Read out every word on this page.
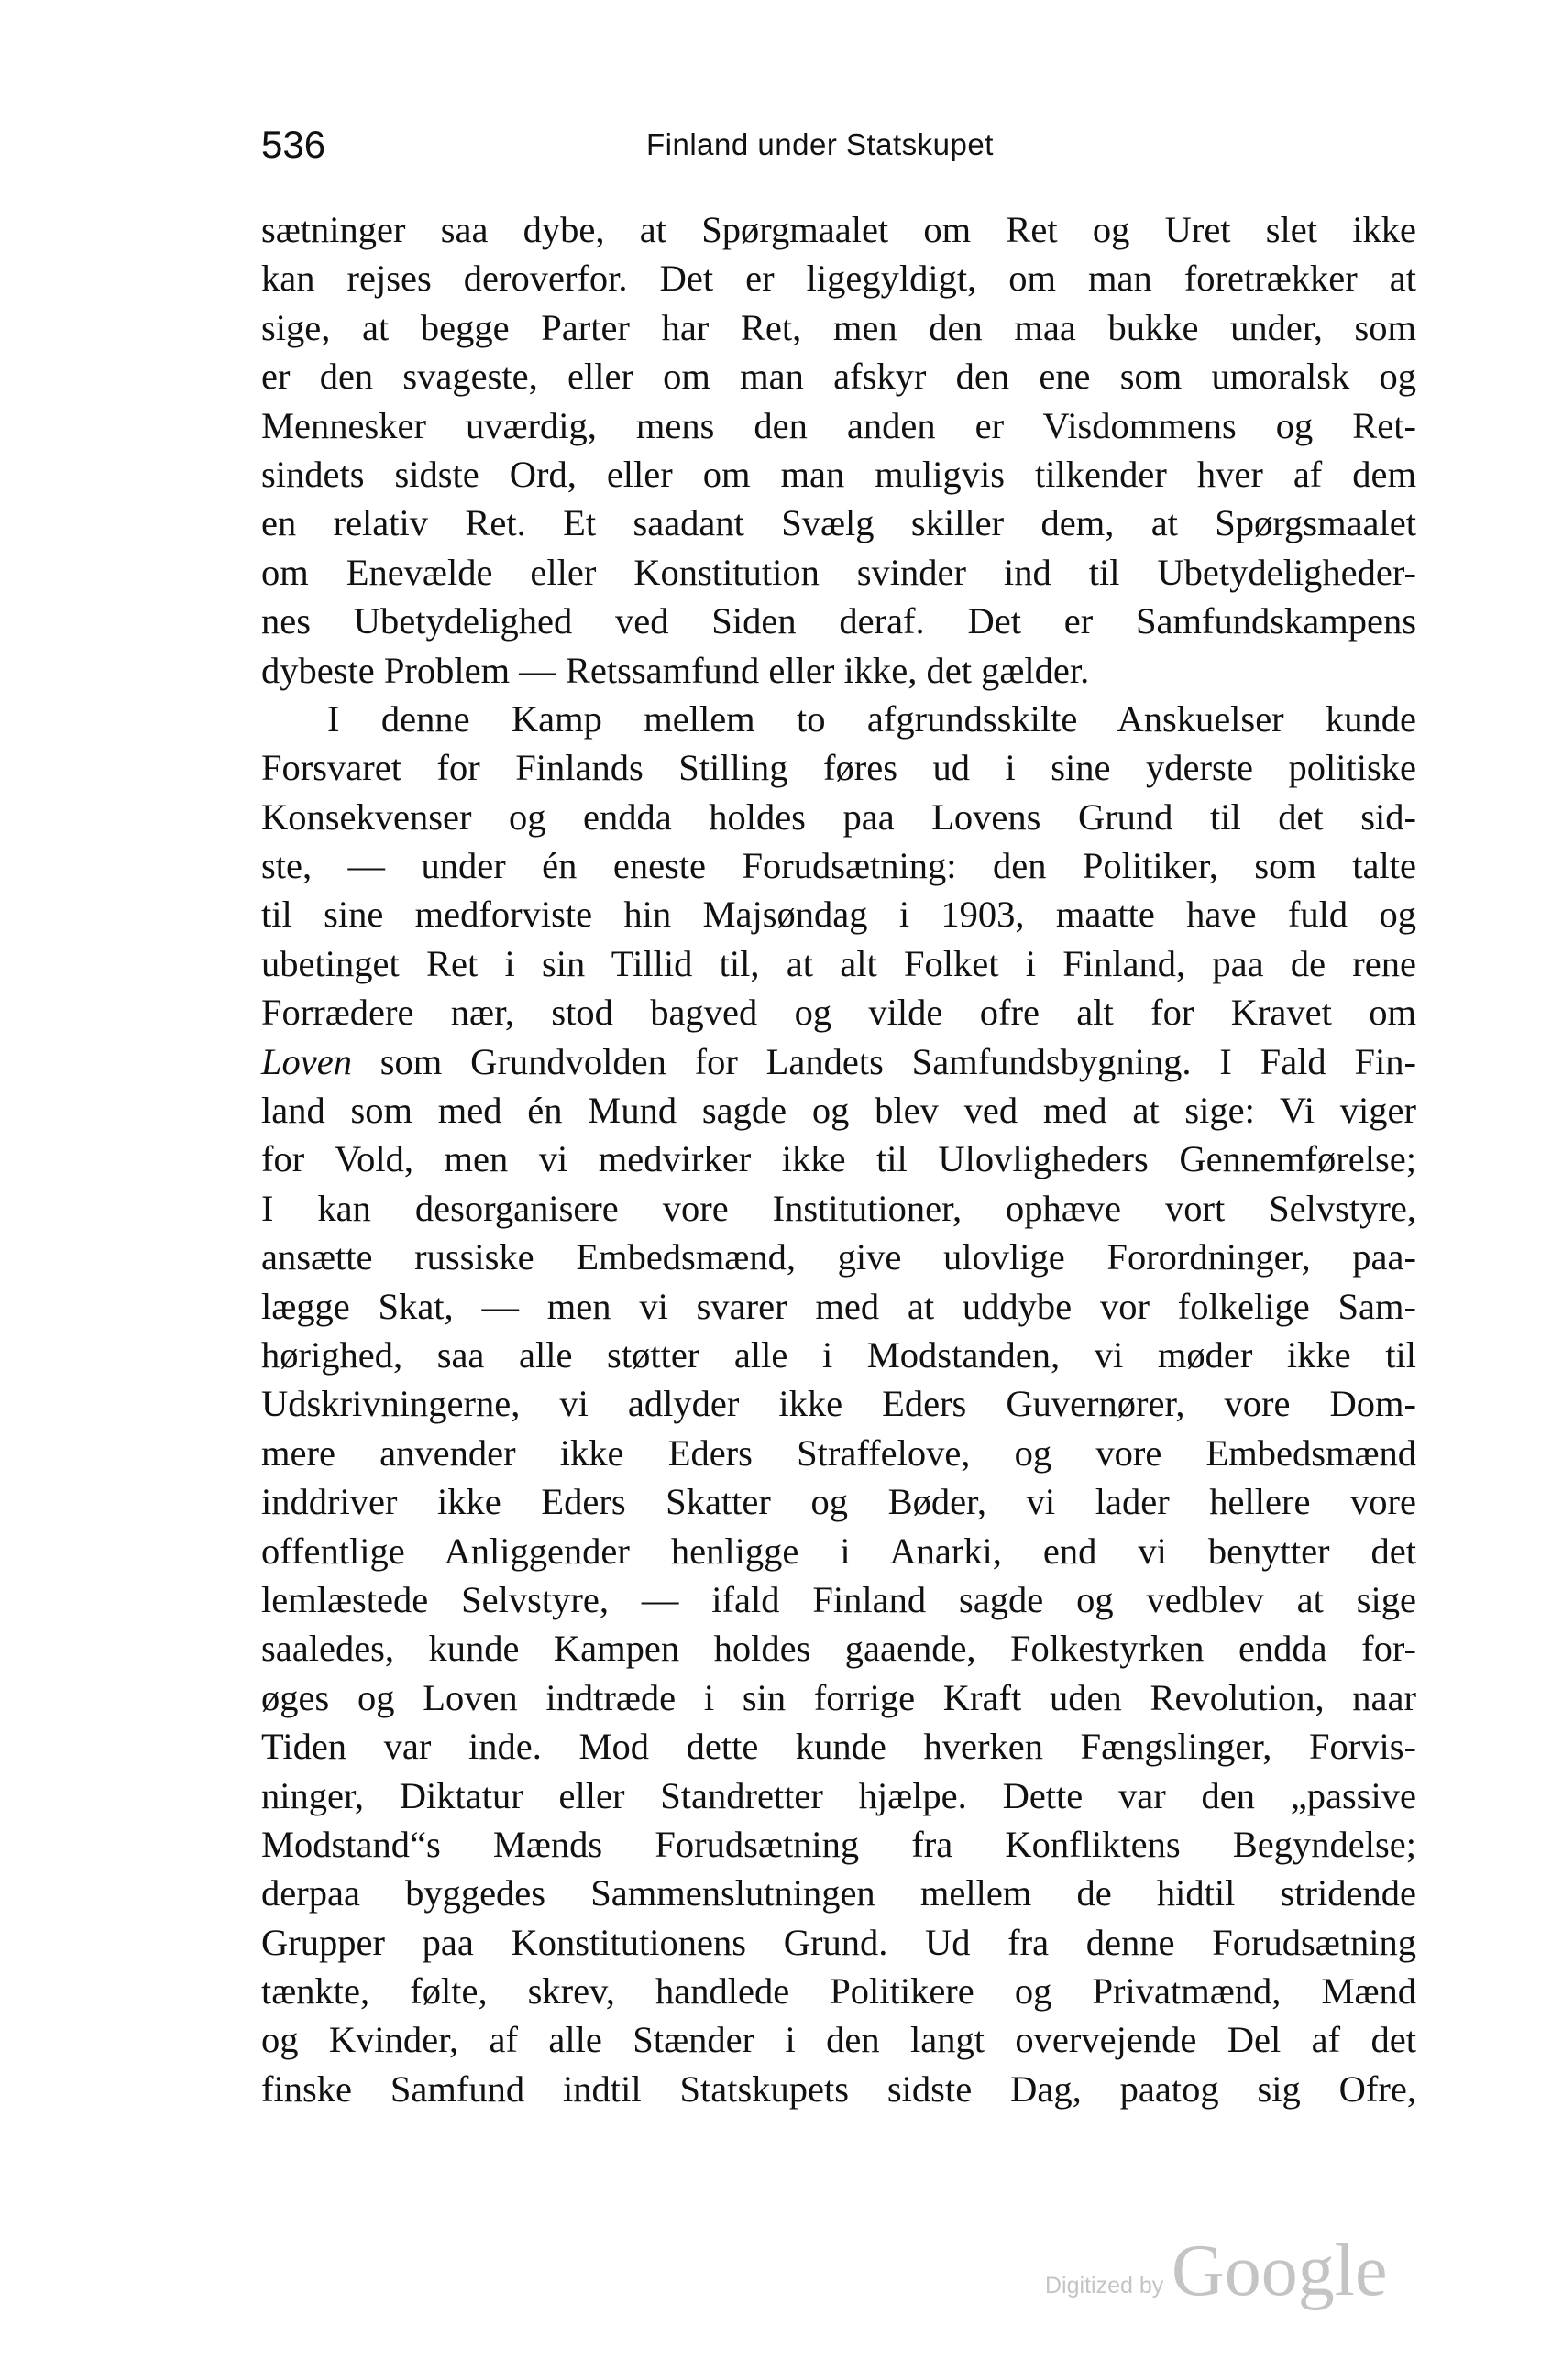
536	Finland under Statskupet
sætninger saa dybe, at Spørgmaalet om Ret og Uret slet ikke
kan rejses deroverfor. Det er ligegyldigt, om man foretrækker at
sige, at begge Parter har Ret, men den maa bukke under, som
er den svageste, eller om man afskyr den ene som umoralsk og
Mennesker uværdig, mens den anden er Visdommens og Ret-
sindets sidste Ord, eller om man muligvis tilkender hver af dem
en relativ Ret. Et saadant Svælg skiller dem, at Spørgsmaalet
om Enevælde eller Konstitution svinder ind til Ubetydeligheder-
nes Ubetydelighed ved Siden deraf. Det er Samfundskampens
dybeste Problem — Retssamfund eller ikke, det gælder.
I denne Kamp mellem to afgrundsskilte Anskuelser kunde
Forsvaret for Finlands Stilling føres ud i sine yderste politiske
Konsekvenser og endda holdes paa Lovens Grund til det sid-
ste, — under én eneste Forudsætning: den Politiker, som talte
til sine medforviste hin Majsøndag i 1903, maatte have fuld og
ubetinget Ret i sin Tillid til, at alt Folket i Finland, paa de rene
Forrædere nær, stod bagved og vilde ofre alt for Kravet om
Loven som Grundvolden for Landets Samfundsbygning. I Fald Fin-
land som med én Mund sagde og blev ved med at sige: Vi viger
for Vold, men vi medvirker ikke til Ulovligheders Gennemførelse;
I kan desorganisere vore Institutioner, ophæve vort Selvstyre,
ansætte russiske Embedsmænd, give ulovlige Forordninger, paa-
lægge Skat, — men vi svarer med at uddybe vor folkelige Sam-
hørighed, saa alle støtter alle i Modstanden, vi møder ikke til
Udskrivningerne, vi adlyder ikke Eders Guvernører, vore Dom-
mere anvender ikke Eders Straffelove, og vore Embedsmænd
inddriver ikke Eders Skatter og Bøder, vi lader hellere vore
offentlige Anliggender henligge i Anarki, end vi benytter det
lemlæstede Selvstyre, — ifald Finland sagde og vedblev at sige
saaledes, kunde Kampen holdes gaaende, Folkestyrken endda for-
øges og Loven indtræde i sin forrige Kraft uden Revolution, naar
Tiden var inde. Mod dette kunde hverken Fængslinger, Forvis-
ninger, Diktatur eller Standretter hjælpe. Dette var den „passive
Modstand“s Mænds Forudsætning fra Konfliktens Begyndelse;
derpaa byggedes Sammenslutningen mellem de hidtil stridende
Grupper paa Konstitutionens Grund. Ud fra denne Forudsætning
tænkte, følte, skrev, handlede Politikere og Privatmænd, Mænd
og Kvinder, af alle Stænder i den langt overvejende Del af det
finske Samfund indtil Statskupets sidste Dag, paatog sig Ofre,
Digitized by Google
